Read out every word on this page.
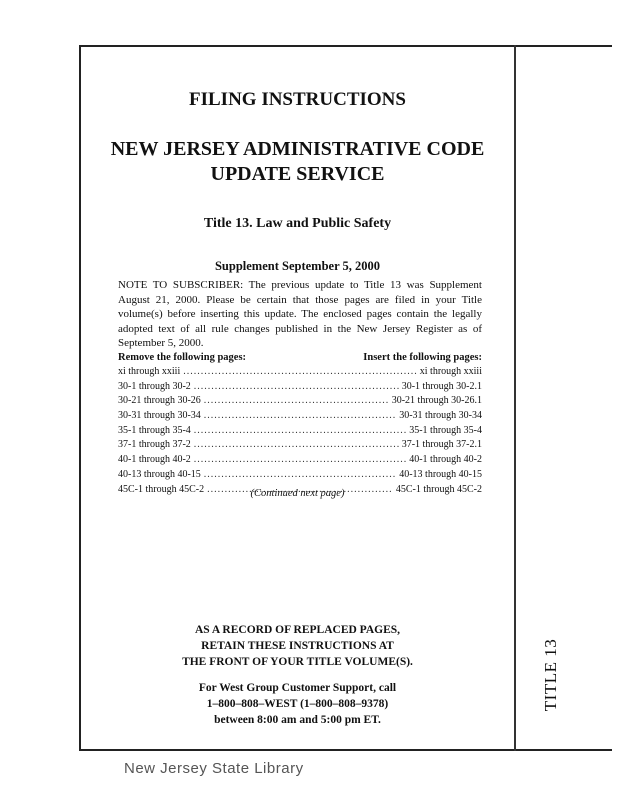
TITLE 13
FILING INSTRUCTIONS
NEW JERSEY ADMINISTRATIVE CODE
UPDATE SERVICE
Title 13. Law and Public Safety
Supplement September 5, 2000
NOTE TO SUBSCRIBER: The previous update to Title 13 was Supplement August 21, 2000. Please be certain that those pages are filed in your Title volume(s) before inserting this update. The enclosed pages contain the legally adopted text of all rule changes published in the New Jersey Register as of September 5, 2000.
Remove the following pages:	Insert the following pages:
xi through xxiii .....	xi through xxiii
30-1 through 30-2 .....	30-1 through 30-2.1
30-21 through 30-26 .....	30-21 through 30-26.1
30-31 through 30-34 .....	30-31 through 30-34
35-1 through 35-4 .....	35-1 through 35-4
37-1 through 37-2 .....	37-1 through 37-2.1
40-1 through 40-2 .....	40-1 through 40-2
40-13 through 40-15 .....	40-13 through 40-15
45C-1 through 45C-2 .....	45C-1 through 45C-2
(Continued next page)
AS A RECORD OF REPLACED PAGES,
RETAIN THESE INSTRUCTIONS AT
THE FRONT OF YOUR TITLE VOLUME(S).
For West Group Customer Support, call
1–800–808–WEST (1–800–808–9378)
between 8:00 am and 5:00 pm ET.
New Jersey State Library
